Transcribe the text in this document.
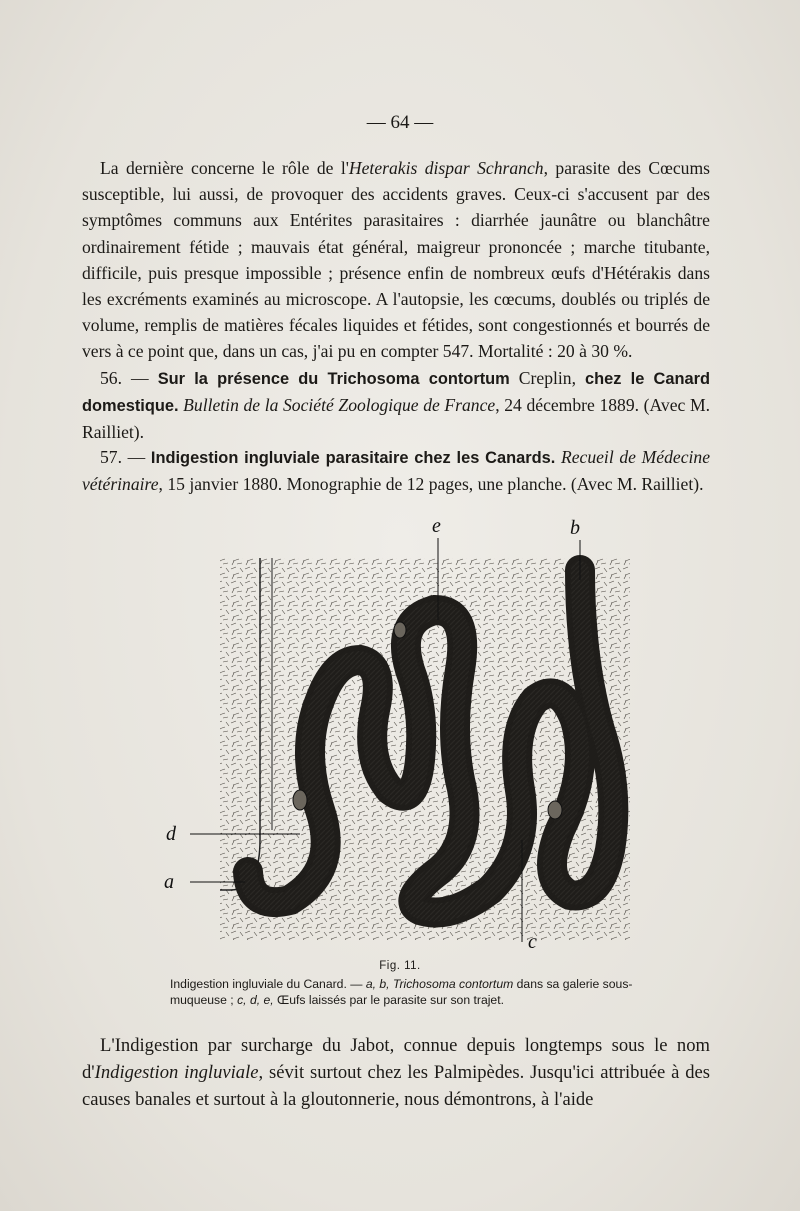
— 64 —

La dernière concerne le rôle de l'Heterakis dispar Schranch, parasite des Cœcums susceptible, lui aussi, de provoquer des accidents graves. Ceux-ci s'accusent par des symptômes communs aux Entérites parasitaires : diarrhée jaunâtre ou blanchâtre ordinairement fétide ; mauvais état général, maigreur prononcée ; marche titubante, difficile, puis presque impossible ; présence enfin de nombreux œufs d'Hétérakis dans les excréments examinés au microscope. A l'autopsie, les cœcums, doublés ou triplés de volume, remplis de matières fécales liquides et fétides, sont congestionnés et bourrés de vers à ce point que, dans un cas, j'ai pu en compter 547. Mortalité : 20 à 30 %.

56. — Sur la présence du Trichosoma contortum Creplin, chez le Canard domestique. Bulletin de la Société Zoologique de France, 24 décembre 1889. (Avec M. Railliet).

57. — Indigestion ingluviale parasitaire chez les Canards. Recueil de Médecine vétérinaire, 15 janvier 1880. Monographie de 12 pages, une planche. (Avec M. Railliet).

e	b
d
a
c
Fig. 11.
Indigestion ingluviale du Canard. — a, b, Trichosoma contortum dans sa galerie sous-muqueuse ; c, d, e, Œufs laissés par le parasite sur son trajet.

L'Indigestion par surcharge du Jabot, connue depuis longtemps sous le nom d'Indigestion ingluviale, sévit surtout chez les Palmipèdes. Jusqu'ici attribuée à des causes banales et surtout à la gloutonnerie, nous démontrons, à l'aide
